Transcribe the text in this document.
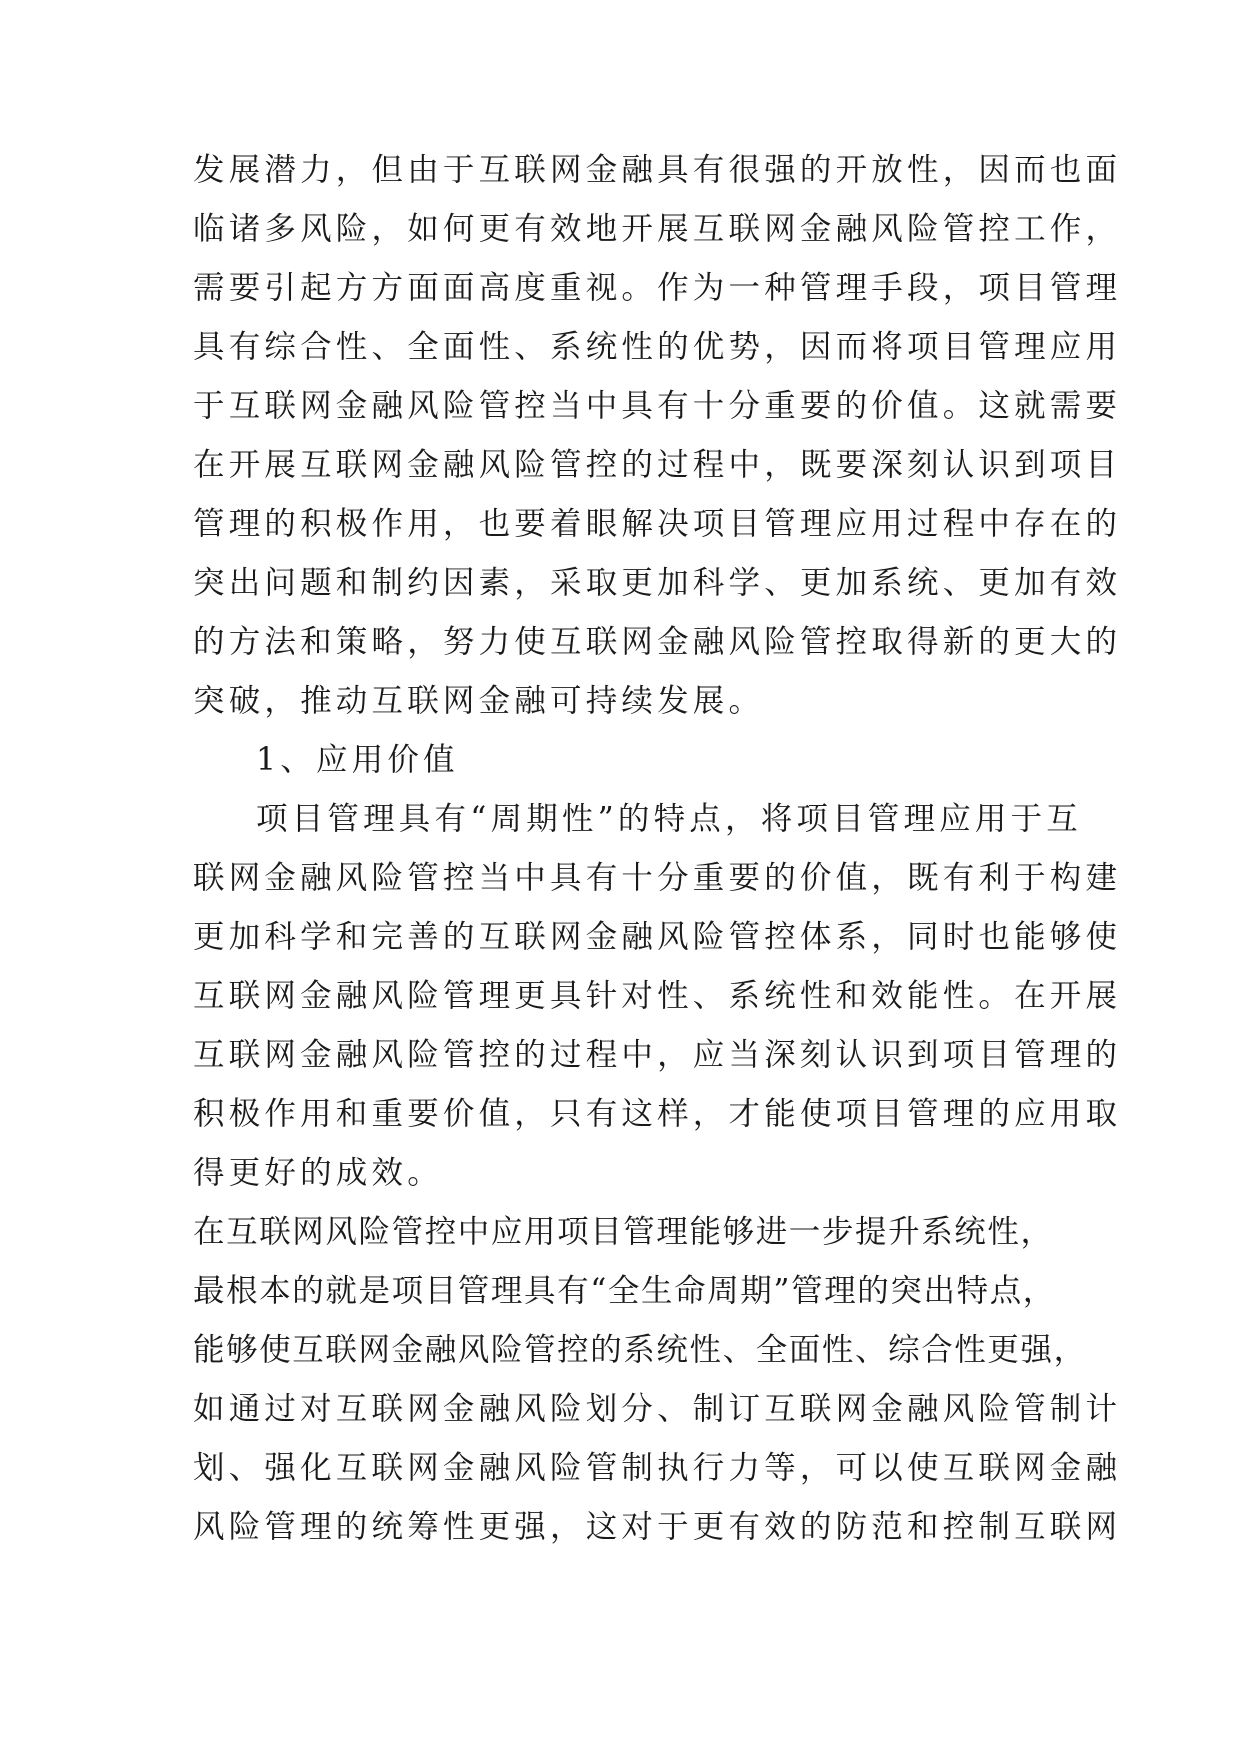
发展潜力，但由于互联网金融具有很强的开放性，因而也面
临诸多风险，如何更有效地开展互联网金融风险管控工作，
需要引起方方面面高度重视。作为一种管理手段，项目管理
具有综合性、全面性、系统性的优势，因而将项目管理应用
于互联网金融风险管控当中具有十分重要的价值。这就需要
在开展互联网金融风险管控的过程中，既要深刻认识到项目
管理的积极作用，也要着眼解决项目管理应用过程中存在的
突出问题和制约因素，采取更加科学、更加系统、更加有效
的方法和策略，努力使互联网金融风险管控取得新的更大的
突破，推动互联网金融可持续发展。
1、应用价值
项目管理具有“周期性”的特点，将项目管理应用于互
联网金融风险管控当中具有十分重要的价值，既有利于构建
更加科学和完善的互联网金融风险管控体系，同时也能够使
互联网金融风险管理更具针对性、系统性和效能性。在开展
互联网金融风险管控的过程中，应当深刻认识到项目管理的
积极作用和重要价值，只有这样，才能使项目管理的应用取
得更好的成效。
在互联网风险管控中应用项目管理能够进一步提升系统性，
最根本的就是项目管理具有“全生命周期”管理的突出特点，
能够使互联网金融风险管控的系统性、全面性、综合性更强，
如通过对互联网金融风险划分、制订互联网金融风险管制计
划、强化互联网金融风险管制执行力等，可以使互联网金融
风险管理的统筹性更强，这对于更有效的防范和控制互联网
